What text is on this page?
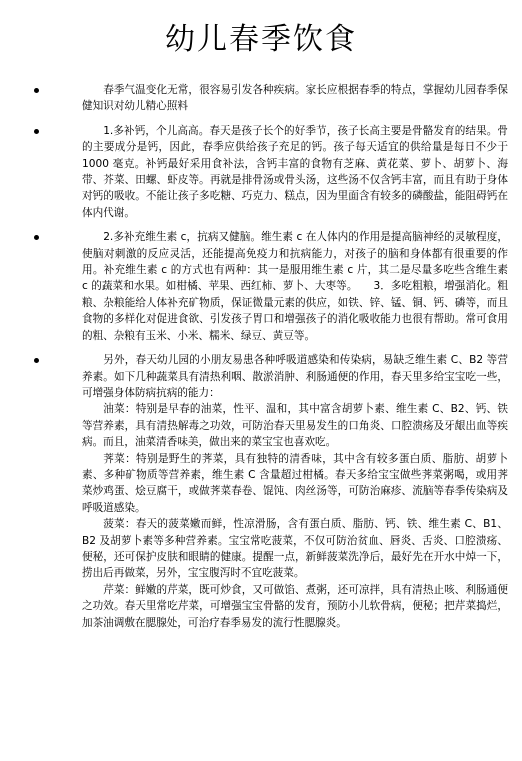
幼儿春季饮食
春季气温变化无常，很容易引发各种疾病。家长应根据春季的特点，掌握幼儿园春季保健知识对幼儿精心照料
1.多补钙，个儿高高。春天是孩子长个的好季节，孩子长高主要是骨骼发育的结果。骨的主要成分是钙，因此，春季应供给孩子充足的钙。孩子每天适宜的供给量是每日不少于 1000 毫克。补钙最好采用食补法，含钙丰富的食物有芝麻、黄花菜、萝卜、胡萝卜、海带、芥菜、田螺、虾皮等。再就是排骨汤或骨头汤，这些汤不仅含钙丰富，而且有助于身体对钙的吸收。不能让孩子多吃糖、巧克力、糕点，因为里面含有较多的磷酸盐，能阻碍钙在体内代谢。
2.多补充维生素 c，抗病又健脑。维生素 c 在人体内的作用是提高脑神经的灵敏程度，使脑对刺激的反应灵活，还能提高免疫力和抗病能力，对孩子的脑和身体都有很重要的作用。补充维生素 c 的方式也有两种：其一是服用维生素 c 片，其二是尽量多吃些含维生素 c 的蔬菜和水果。如柑橘、苹果、西红柿、萝卜、大枣等。　　3．多吃粗粮，增强消化。粗粮、杂粮能给人体补充矿物质，保证微量元素的供应，如铁、锌、锰、铜、钙、磷等，而且食物的多样化对促进食欲、引发孩子胃口和增强孩子的消化吸收能力也很有帮助。常可食用的粗、杂粮有玉米、小米、糯米、绿豆、黄豆等。
另外，春天幼儿园的小朋友易患各种呼吸道感染和传染病，易缺乏维生素 C、B2 等营养素。如下几种蔬菜具有清热利咽、散淤消肿、利肠通便的作用，春天里多给宝宝吃一些，可增强身体防病抗病的能力：
油菜：特别是早春的油菜，性平、温和，其中富含胡萝卜素、维生素 C、B2、钙、铁等营养素，具有清热解毒之功效，可防治春天里易发生的口角炎、口腔溃疡及牙龈出血等疾病。而且，油菜清香味美，做出来的菜宝宝也喜欢吃。
荠菜：特别是野生的荠菜，具有独特的清香味，其中含有较多蛋白质、脂肪、胡萝卜素、多种矿物质等营养素，维生素 C 含量超过柑橘。春天多给宝宝做些荠菜粥喝，或用荠菜炒鸡蛋、烩豆腐干，或做荠菜春卷、馄饨、肉丝汤等，可防治麻疹、流脑等春季传染病及呼吸道感染。
菠菜：春天的菠菜嫩而鲜，性凉滑肠，含有蛋白质、脂肪、钙、铁、维生素 C、B1、B2 及胡萝卜素等多种营养素。宝宝常吃菠菜，不仅可防治贫血、唇炎、舌炎、口腔溃疡、便秘，还可保护皮肤和眼睛的健康。提醒一点，新鲜菠菜洗净后，最好先在开水中焯一下，捞出后再做菜，另外，宝宝腹泻时不宜吃菠菜。
芹菜：鲜嫩的芹菜，既可炒食，又可做馅、煮粥，还可凉拌，具有清热止咳、利肠通便之功效。春天里常吃芹菜，可增强宝宝骨骼的发育，预防小儿软骨病，便秘；把芹菜捣烂，加茶油调敷在腮腺处，可治疗春季易发的流行性腮腺炎。
